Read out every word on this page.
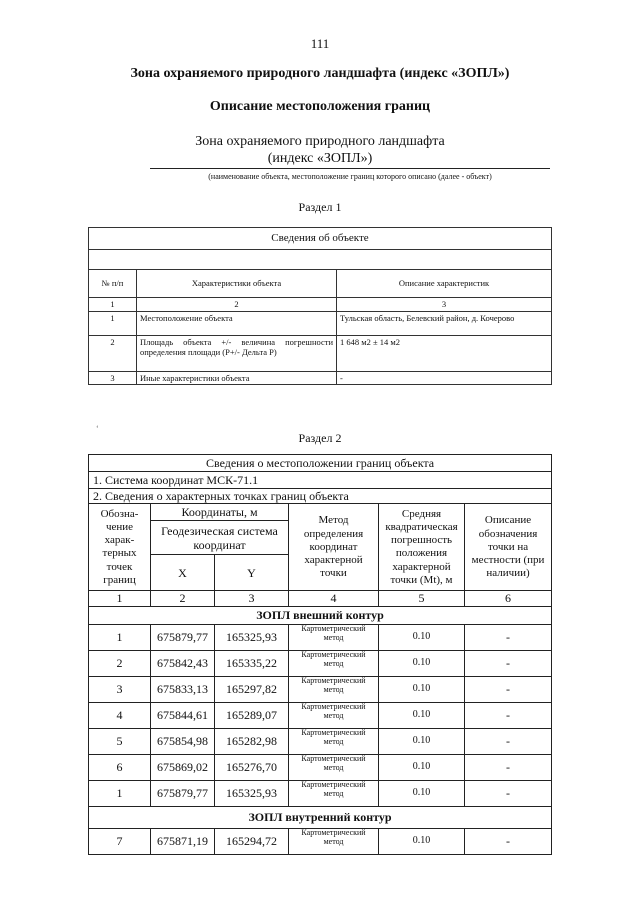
111
Зона охраняемого природного ландшафта (индекс «ЗОПЛ»)
Описание местоположения границ
Зона охраняемого природного ландшафта
(индекс «ЗОПЛ»)
(наименование объекта, местоположение границ которого описано (далее - объект)
Раздел 1
Сведения об объекте		

№ п/п	Характеристики объекта	Описание характеристик
1	2	3
1	Местоположение объекта	Тульская область, Белевский район, д. Кочерово
2	Площадь объекта +/- величина погрешности определения площади (P+/- Дельта P)	1 648 м2 ± 14 м2
3	Иные характеристики объекта	-
ʻ
Раздел 2
Сведения о местоположении границ объекта					
1. Система координат МСК-71.1					
2. Сведения о характерных точках границ объекта					
Обозна-чение харак-терных точек границ	Координаты, м		Метод определения координат характерной точки	Средняя квадратическая погрешность положения характерной точки (Mt), м	Описание обозначения точки на местности (при наличии)
	Геодезическая система координат				
	X	Y			
1	2	3	4	5	6
ЗОПЛ внешний контур					
1	675879,77	165325,93	Картометрический метод	0.10	-
2	675842,43	165335,22	Картометрический метод	0.10	-
3	675833,13	165297,82	Картометрический метод	0.10	-
4	675844,61	165289,07	Картометрический метод	0.10	-
5	675854,98	165282,98	Картометрический метод	0.10	-
6	675869,02	165276,70	Картометрический метод	0.10	-
1	675879,77	165325,93	Картометрический метод	0.10	-
ЗОПЛ внутренний контур					
7	675871,19	165294,72	Картометрический метод	0.10	-
